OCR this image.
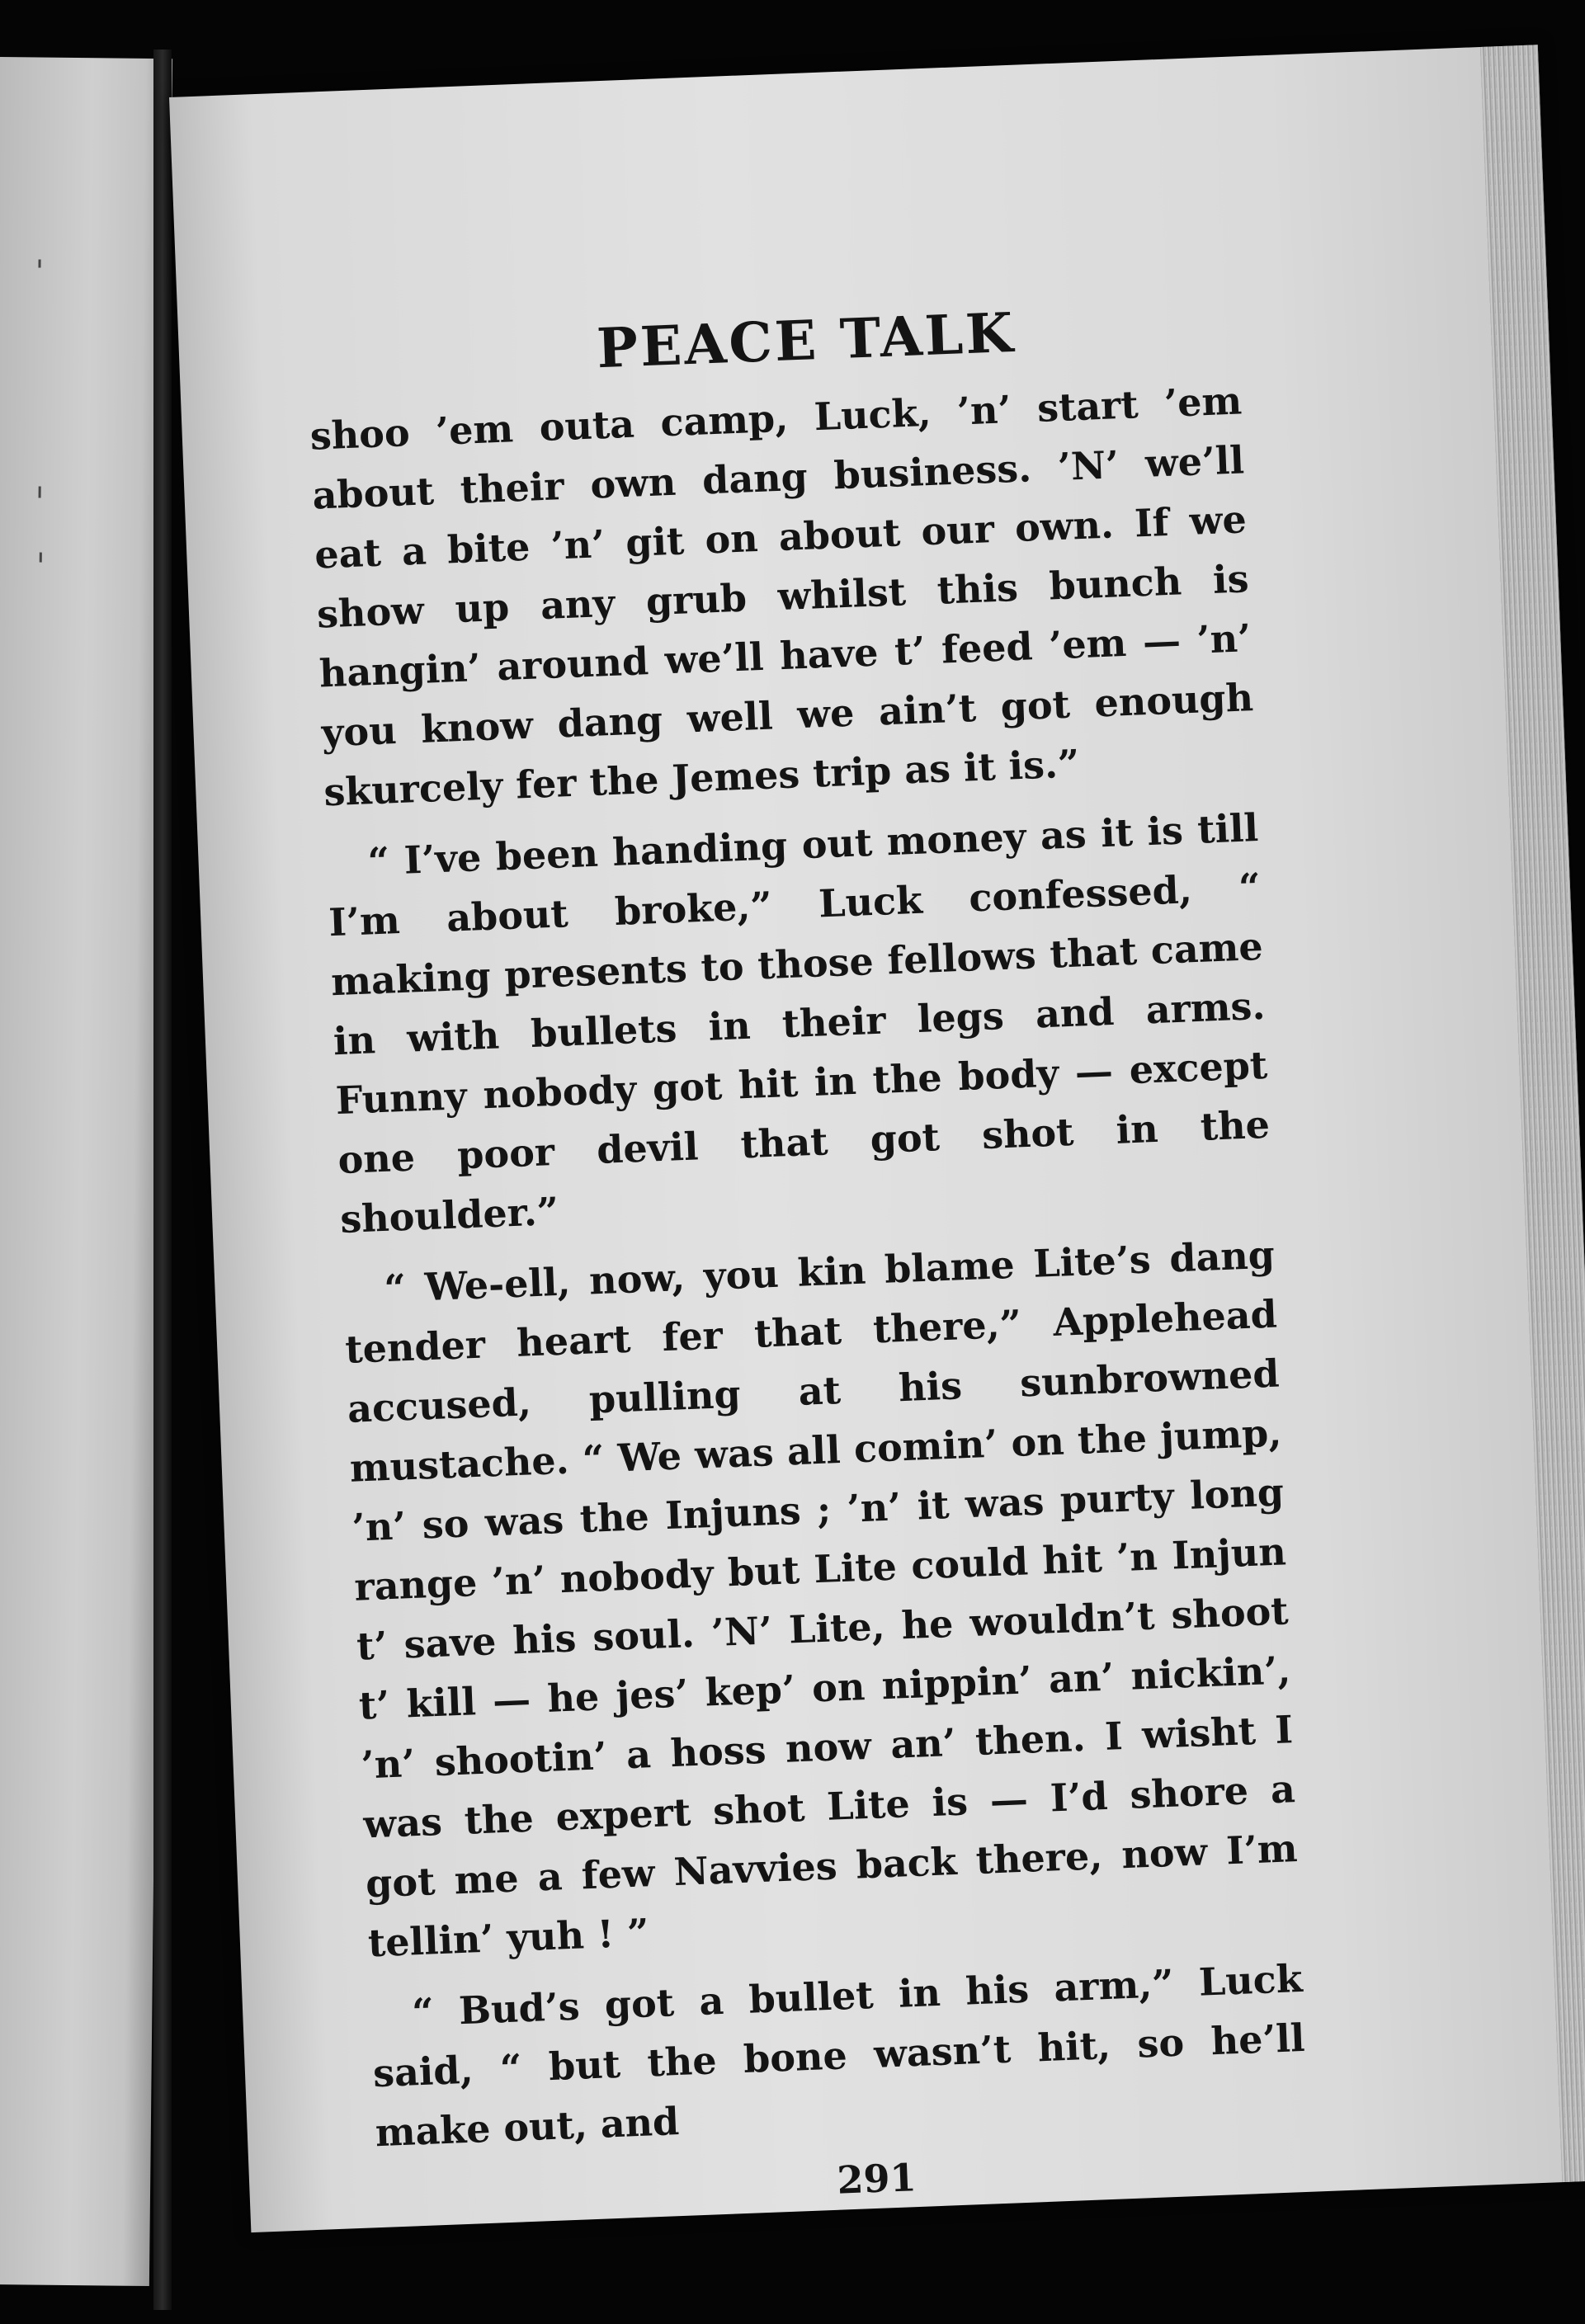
PEACE TALK

shoo ’em outa camp, Luck, ’n’ start ’em about their own dang business. ’N’ we’ll eat a bite ’n’ git on about our own. If we show up any grub whilst this bunch is hangin’ around we’ll have t’ feed ’em — ’n’ you know dang well we ain’t got enough skurcely fer the Jemes trip as it is.”

“ I’ve been handing out money as it is till I’m about broke,” Luck confessed, “ making presents to those fellows that came in with bullets in their legs and arms. Funny nobody got hit in the body — except one poor devil that got shot in the shoulder.”

“ We-ell, now, you kin blame Lite’s dang tender heart fer that there,” Applehead accused, pulling at his sunbrowned mustache. “ We was all comin’ on the jump, ’n’ so was the Injuns ; ’n’ it was purty long range ’n’ nobody but Lite could hit ’n Injun t’ save his soul. ’N’ Lite, he wouldn’t shoot t’ kill — he jes’ kep’ on nippin’ an’ nickin’, ’n’ shootin’ a hoss now an’ then. I wisht I was the expert shot Lite is — I’d shore a got me a few Navvies back there, now I’m tellin’ yuh ! ”

“ Bud’s got a bullet in his arm,” Luck said, “ but the bone wasn’t hit, so he’ll make out, and

291
